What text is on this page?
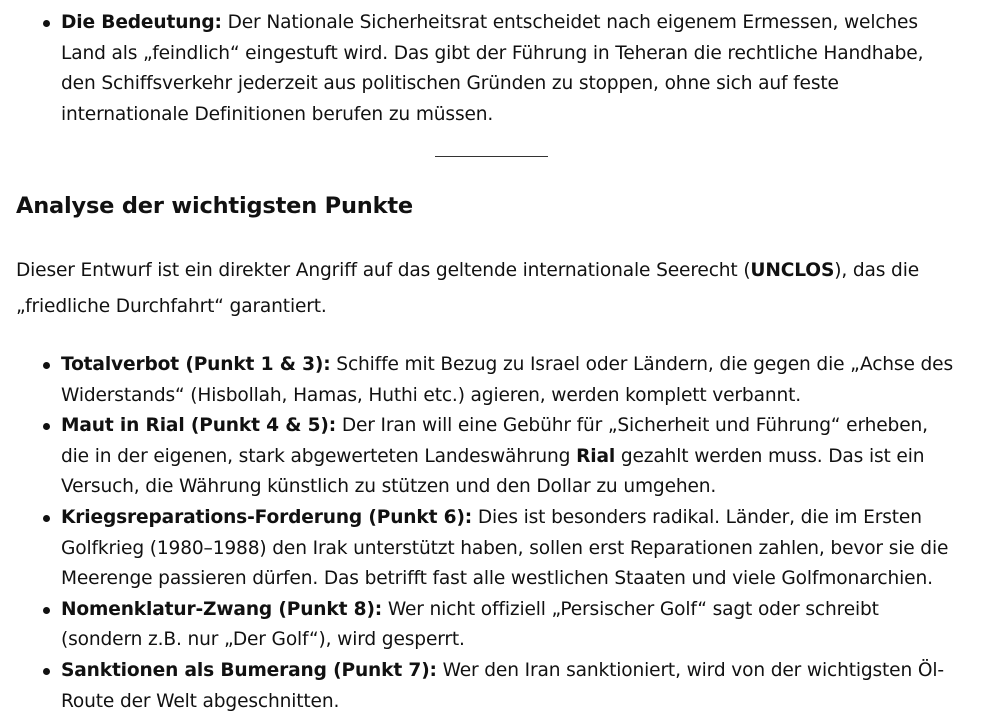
Die Bedeutung: Der Nationale Sicherheitsrat entscheidet nach eigenem Ermessen, welches Land als „feindlich“ eingestuft wird. Das gibt der Führung in Teheran die rechtliche Handhabe, den Schiffsverkehr jederzeit aus politischen Gründen zu stoppen, ohne sich auf feste internationale Definitionen berufen zu müssen.
Analyse der wichtigsten Punkte

Dieser Entwurf ist ein direkter Angriff auf das geltende internationale Seerecht (UNCLOS), das die „friedliche Durchfahrt“ garantiert.

Totalverbot (Punkt 1 & 3): Schiffe mit Bezug zu Israel oder Ländern, die gegen die „Achse des Widerstands“ (Hisbollah, Hamas, Huthi etc.) agieren, werden komplett verbannt.
Maut in Rial (Punkt 4 & 5): Der Iran will eine Gebühr für „Sicherheit und Führung“ erheben, die in der eigenen, stark abgewerteten Landeswährung Rial gezahlt werden muss. Das ist ein Versuch, die Währung künstlich zu stützen und den Dollar zu umgehen.
Kriegsreparations-Forderung (Punkt 6): Dies ist besonders radikal. Länder, die im Ersten Golfkrieg (1980–1988) den Irak unterstützt haben, sollen erst Reparationen zahlen, bevor sie die Meerenge passieren dürfen. Das betrifft fast alle westlichen Staaten und viele Golfmonarchien.
Nomenklatur-Zwang (Punkt 8): Wer nicht offiziell „Persischer Golf“ sagt oder schreibt (sondern z.B. nur „Der Golf“), wird gesperrt.
Sanktionen als Bumerang (Punkt 7): Wer den Iran sanktioniert, wird von der wichtigsten Öl-Route der Welt abgeschnitten.
